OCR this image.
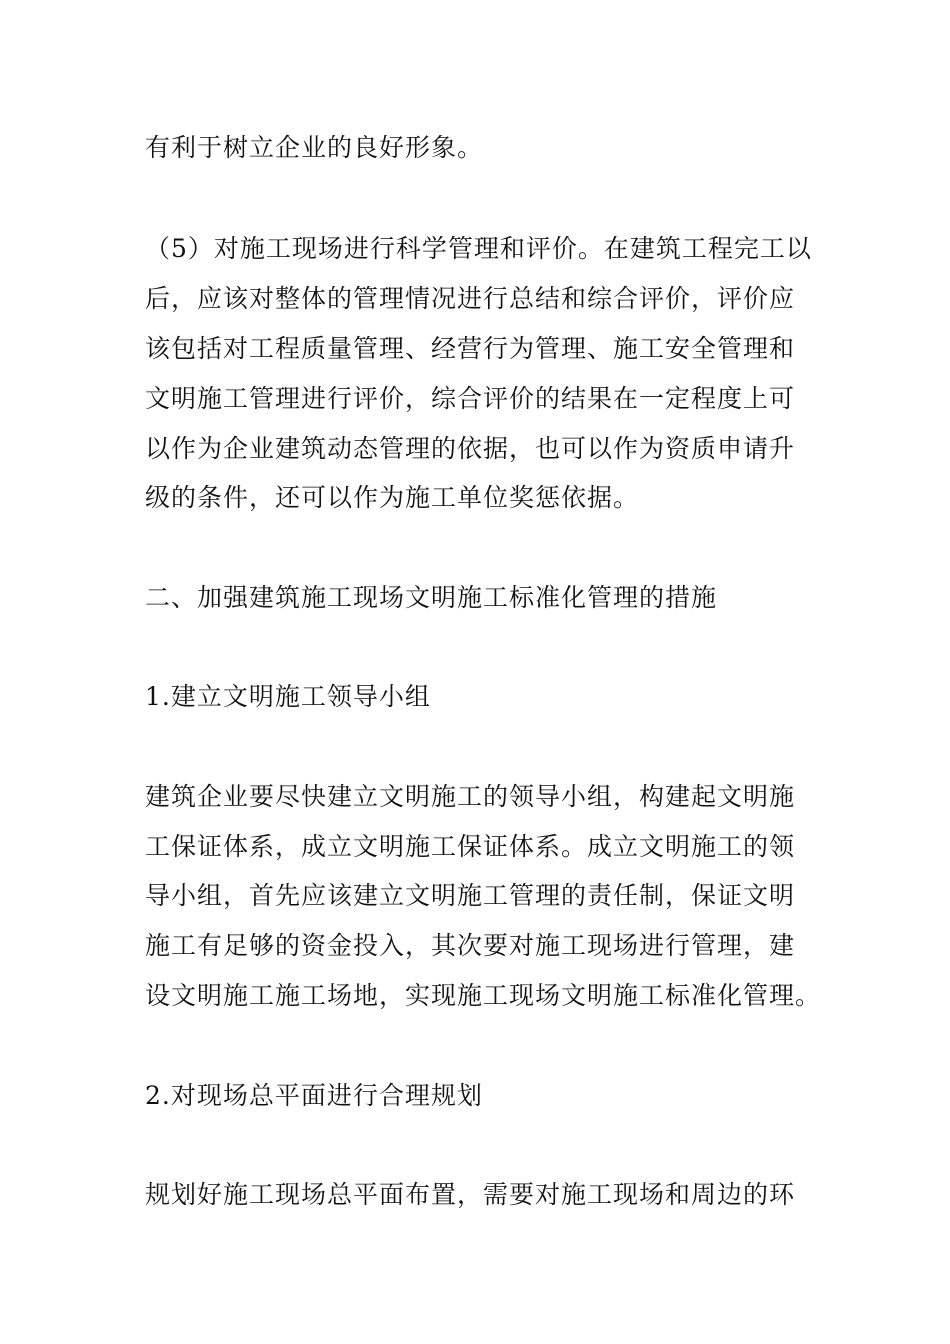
有利于树立企业的良好形象。
（5）对施工现场进行科学管理和评价。在建筑工程完工以
后，应该对整体的管理情况进行总结和综合评价，评价应
该包括对工程质量管理、经营行为管理、施工安全管理和
文明施工管理进行评价，综合评价的结果在一定程度上可
以作为企业建筑动态管理的依据，也可以作为资质申请升
级的条件，还可以作为施工单位奖惩依据。
二、加强建筑施工现场文明施工标准化管理的措施
1.建立文明施工领导小组
建筑企业要尽快建立文明施工的领导小组，构建起文明施
工保证体系，成立文明施工保证体系。成立文明施工的领
导小组，首先应该建立文明施工管理的责任制，保证文明
施工有足够的资金投入，其次要对施工现场进行管理，建
设文明施工施工场地，实现施工现场文明施工标准化管理。
2.对现场总平面进行合理规划
规划好施工现场总平面布置，需要对施工现场和周边的环
